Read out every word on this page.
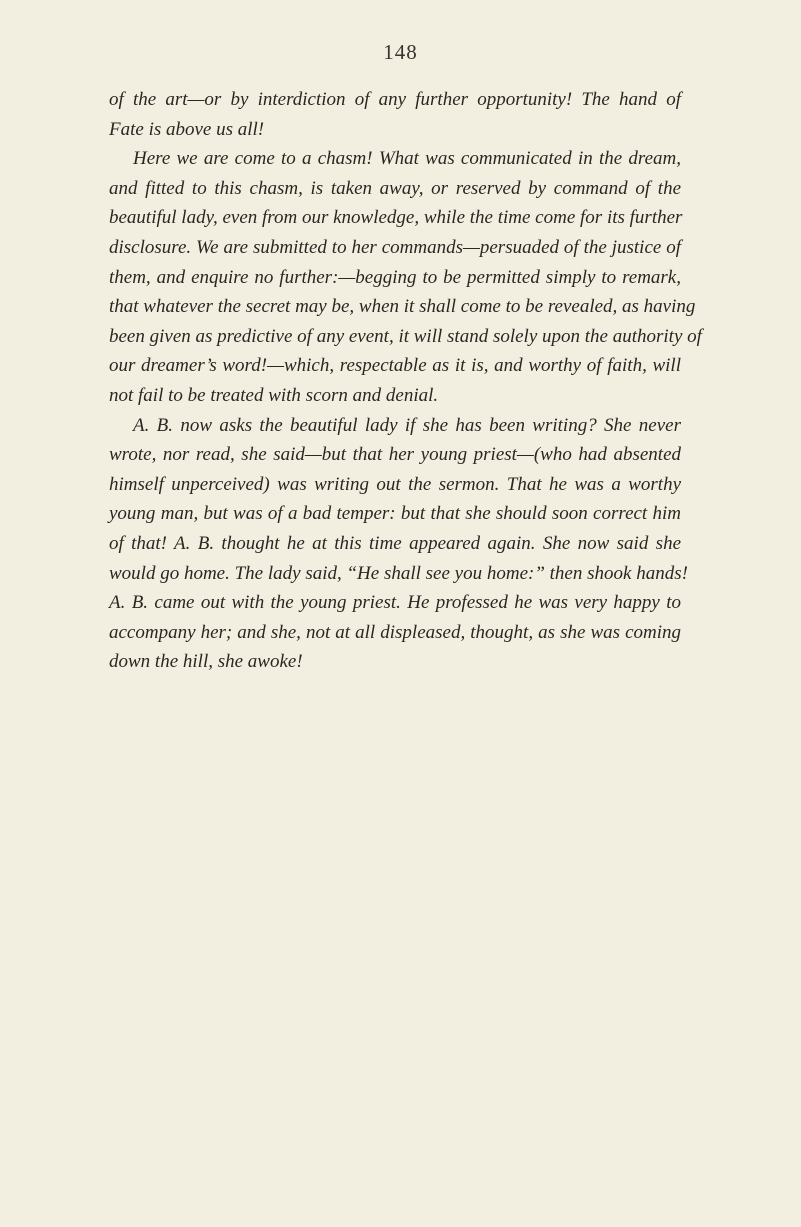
148
of the art—or by interdiction of any further opportunity! The hand of
Fate is above us all!
Here we are come to a chasm! What was communicated in the dream,
and fitted to this chasm, is taken away, or reserved by command of the
beautiful lady, even from our knowledge, while the time come for its further
disclosure. We are submitted to her commands—persuaded of the justice of
them, and enquire no further:—begging to be permitted simply to remark,
that whatever the secret may be, when it shall come to be revealed, as having
been given as predictive of any event, it will stand solely upon the authority of
our dreamer’s word!—which, respectable as it is, and worthy of faith, will
not fail to be treated with scorn and denial.
A. B. now asks the beautiful lady if she has been writing? She never
wrote, nor read, she said—but that her young priest—(who had absented
himself unperceived) was writing out the sermon. That he was a worthy
young man, but was of a bad temper: but that she should soon correct him
of that! A. B. thought he at this time appeared again. She now said she
would go home. The lady said, “He shall see you home:” then shook hands!
A. B. came out with the young priest. He professed he was very happy to
accompany her; and she, not at all displeased, thought, as she was coming
down the hill, she awoke!
